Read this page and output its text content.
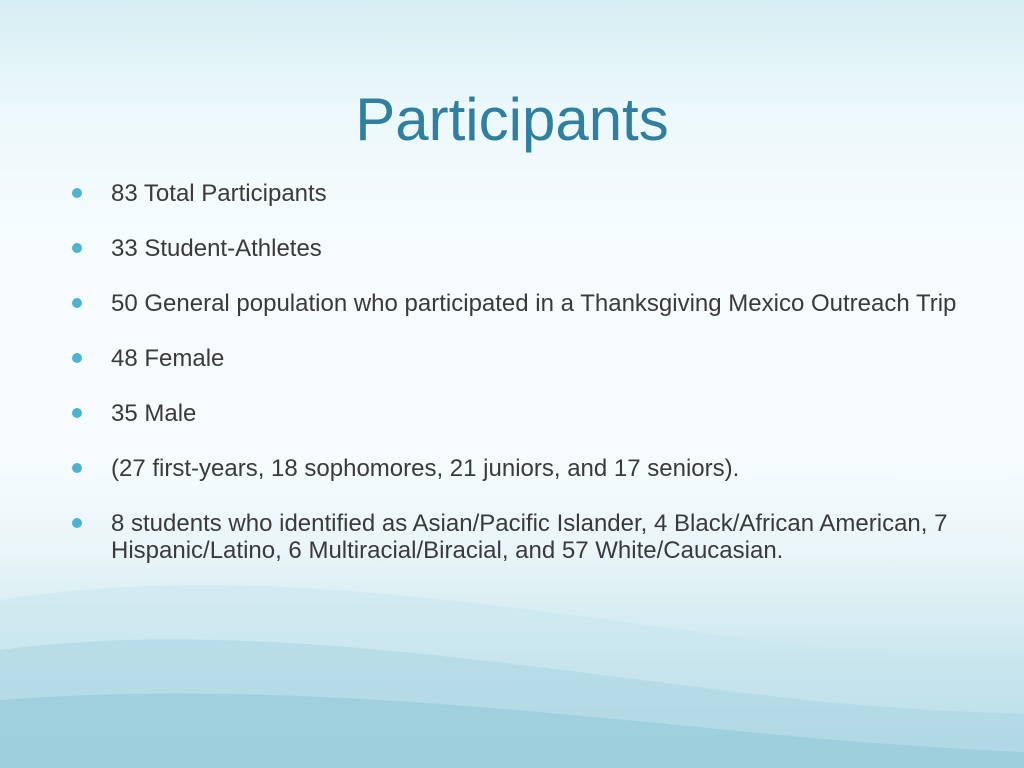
Participants
83 Total Participants
33 Student-Athletes
50 General population who participated in a Thanksgiving Mexico Outreach Trip
48 Female
35 Male
(27 first-years, 18 sophomores, 21 juniors, and 17 seniors).
8 students who identified as Asian/Pacific Islander, 4 Black/African American, 7 Hispanic/Latino, 6 Multiracial/Biracial, and 57 White/Caucasian.
